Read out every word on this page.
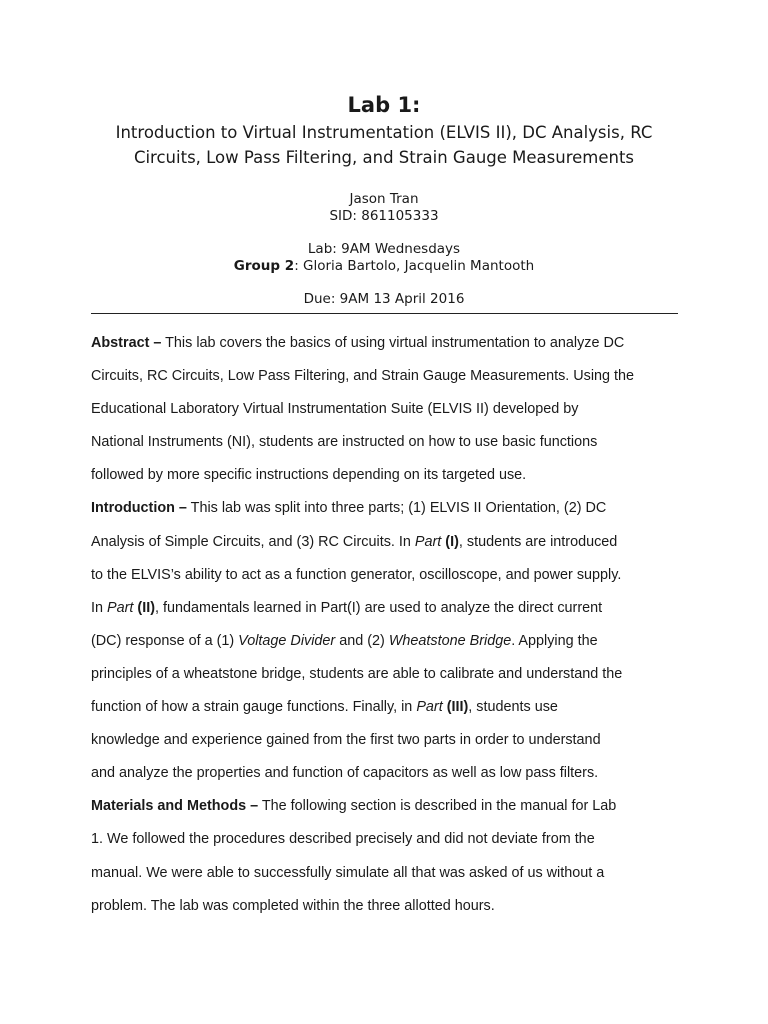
Lab 1:

Introduction to Virtual Instrumentation (ELVIS II), DC Analysis, RC
Circuits, Low Pass Filtering, and Strain Gauge Measurements

Jason Tran

SID: 861105333

Lab: 9AM Wednesdays

Group 2: Gloria Bartolo, Jacquelin Mantooth

Due: 9AM 13 April 2016

Abstract – This lab covers the basics of using virtual instrumentation to analyze DC
Circuits, RC Circuits, Low Pass Filtering, and Strain Gauge Measurements. Using the
Educational Laboratory Virtual Instrumentation Suite (ELVIS II) developed by
National Instruments (NI), students are instructed on how to use basic functions
followed by more specific instructions depending on its targeted use.
Introduction – This lab was split into three parts; (1) ELVIS II Orientation, (2) DC
Analysis of Simple Circuits, and (3) RC Circuits. In Part (I), students are introduced
to the ELVIS’s ability to act as a function generator, oscilloscope, and power supply.
In Part (II), fundamentals learned in Part(I) are used to analyze the direct current
(DC) response of a (1) Voltage Divider and (2) Wheatstone Bridge. Applying the
principles of a wheatstone bridge, students are able to calibrate and understand the
function of how a strain gauge functions. Finally, in Part (III), students use
knowledge and experience gained from the first two parts in order to understand
and analyze the properties and function of capacitors as well as low pass filters.
Materials and Methods – The following section is described in the manual for Lab
1. We followed the procedures described precisely and did not deviate from the
manual. We were able to successfully simulate all that was asked of us without a
problem. The lab was completed within the three allotted hours.
